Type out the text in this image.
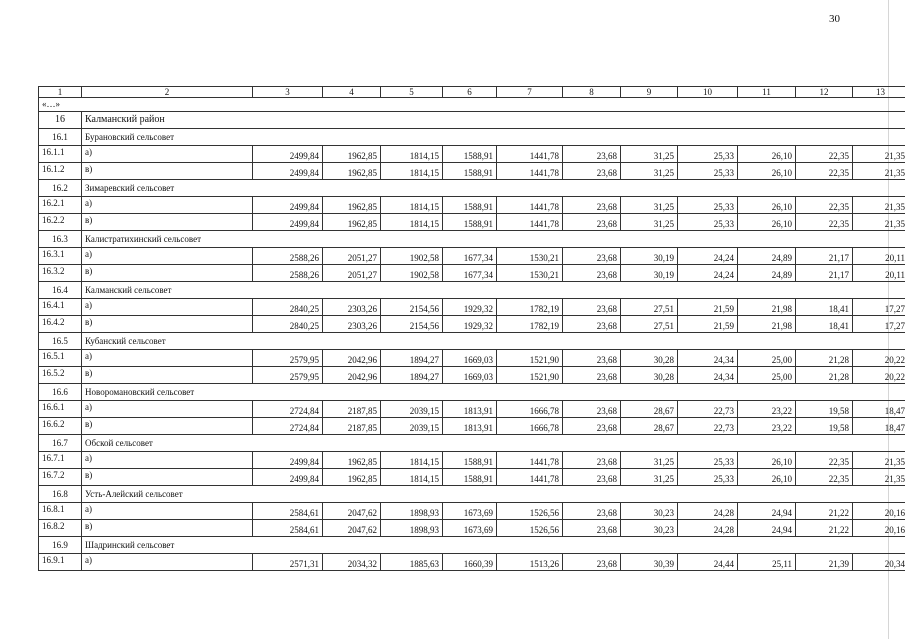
30
1	2	3	4	5	6	7	8	9	10	11	12	13
«…»												
16	Калманский район											
16.1	Бурановский сельсовет											
16.1.1	а)	2499,84	1962,85	1814,15	1588,91	1441,78	23,68	31,25	25,33	26,10	22,35	21,35
16.1.2	в)	2499,84	1962,85	1814,15	1588,91	1441,78	23,68	31,25	25,33	26,10	22,35	21,35
16.2	Зимаревский сельсовет											
16.2.1	а)	2499,84	1962,85	1814,15	1588,91	1441,78	23,68	31,25	25,33	26,10	22,35	21,35
16.2.2	в)	2499,84	1962,85	1814,15	1588,91	1441,78	23,68	31,25	25,33	26,10	22,35	21,35
16.3	Калистратихинский сельсовет											
16.3.1	а)	2588,26	2051,27	1902,58	1677,34	1530,21	23,68	30,19	24,24	24,89	21,17	20,11
16.3.2	в)	2588,26	2051,27	1902,58	1677,34	1530,21	23,68	30,19	24,24	24,89	21,17	20,11
16.4	Калманский сельсовет											
16.4.1	а)	2840,25	2303,26	2154,56	1929,32	1782,19	23,68	27,51	21,59	21,98	18,41	17,27
16.4.2	в)	2840,25	2303,26	2154,56	1929,32	1782,19	23,68	27,51	21,59	21,98	18,41	17,27
16.5	Кубанский сельсовет											
16.5.1	а)	2579,95	2042,96	1894,27	1669,03	1521,90	23,68	30,28	24,34	25,00	21,28	20,22
16.5.2	в)	2579,95	2042,96	1894,27	1669,03	1521,90	23,68	30,28	24,34	25,00	21,28	20,22
16.6	Новоромановский сельсовет											
16.6.1	а)	2724,84	2187,85	2039,15	1813,91	1666,78	23,68	28,67	22,73	23,22	19,58	18,47
16.6.2	в)	2724,84	2187,85	2039,15	1813,91	1666,78	23,68	28,67	22,73	23,22	19,58	18,47
16.7	Обской сельсовет											
16.7.1	а)	2499,84	1962,85	1814,15	1588,91	1441,78	23,68	31,25	25,33	26,10	22,35	21,35
16.7.2	в)	2499,84	1962,85	1814,15	1588,91	1441,78	23,68	31,25	25,33	26,10	22,35	21,35
16.8	Усть-Алейский сельсовет											
16.8.1	а)	2584,61	2047,62	1898,93	1673,69	1526,56	23,68	30,23	24,28	24,94	21,22	20,16
16.8.2	в)	2584,61	2047,62	1898,93	1673,69	1526,56	23,68	30,23	24,28	24,94	21,22	20,16
16.9	Шадринский сельсовет											
16.9.1	а)	2571,31	2034,32	1885,63	1660,39	1513,26	23,68	30,39	24,44	25,11	21,39	20,34
